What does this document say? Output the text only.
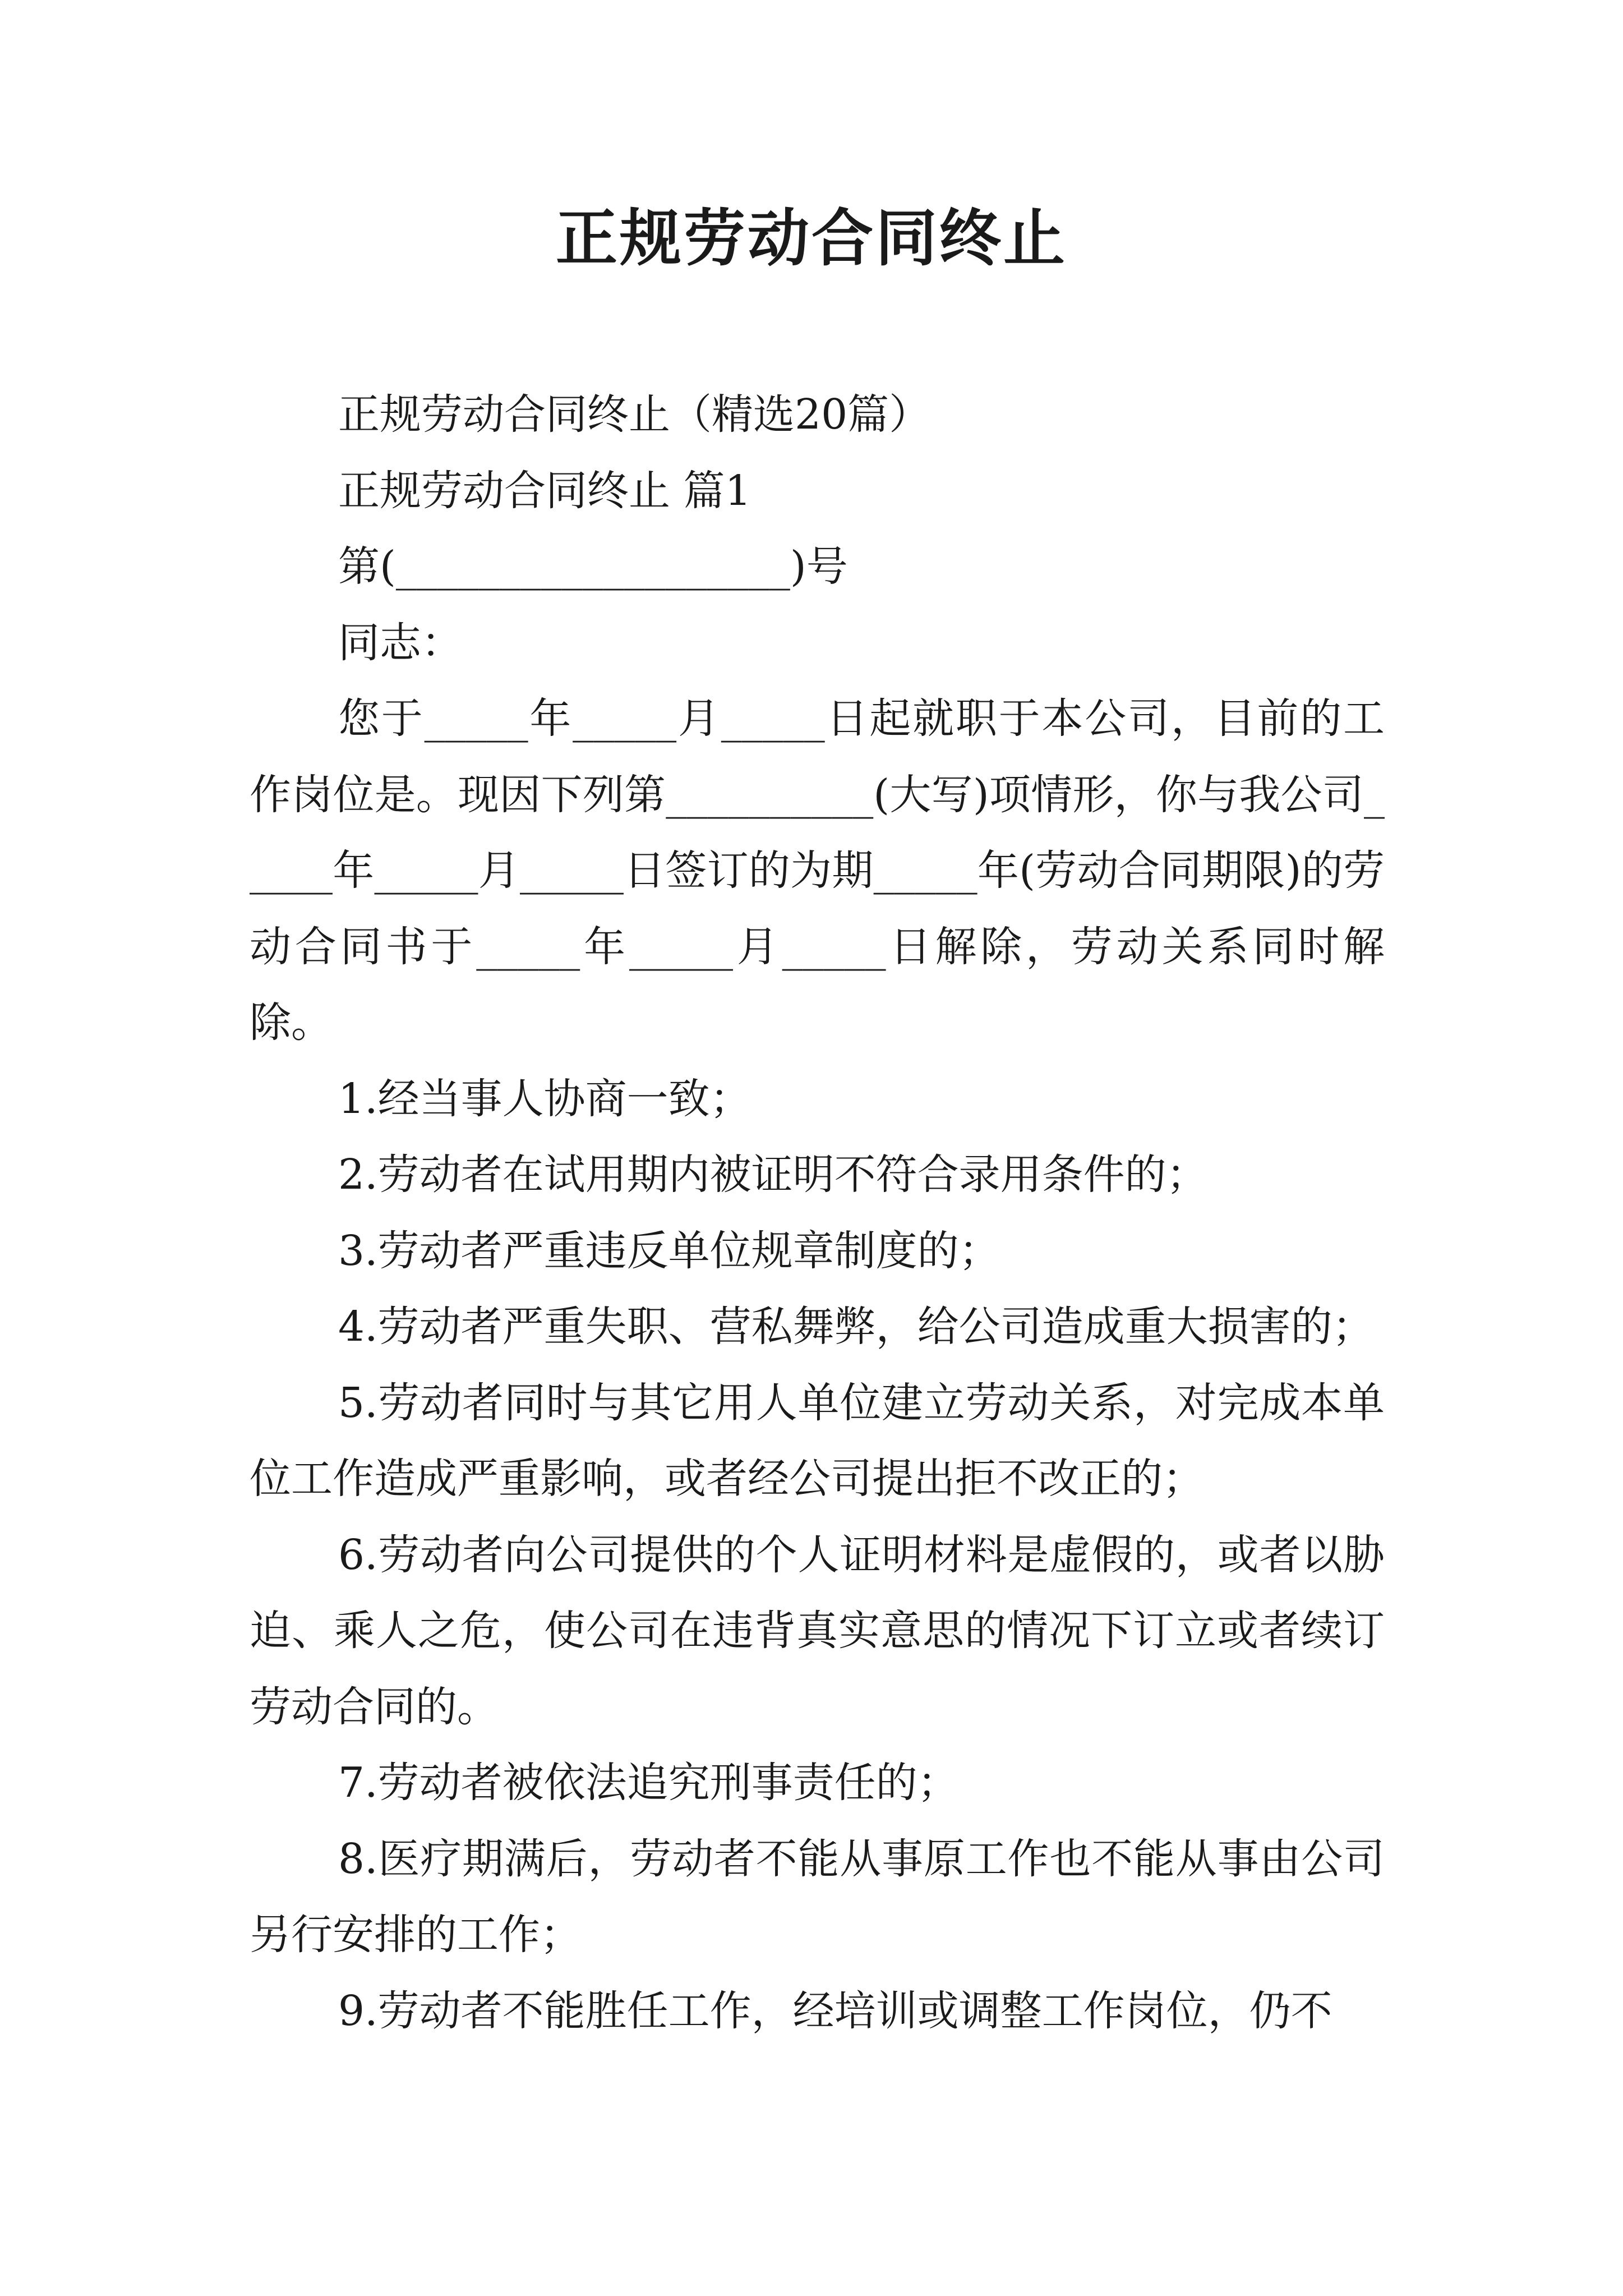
正规劳动合同终止

正规劳动合同终止（精选20篇）

正规劳动合同终止 篇1

第(___________________)号

同志：

您于_____年_____月_____日起就职于本公司，目前的工作岗位是。现因下列第__________(大写)项情形，你与我公司_____年_____月_____日签订的为期_____年(劳动合同期限)的劳动合同书于_____年_____月_____日解除，劳动关系同时解除。

1.经当事人协商一致；

2.劳动者在试用期内被证明不符合录用条件的；

3.劳动者严重违反单位规章制度的；

4.劳动者严重失职、营私舞弊，给公司造成重大损害的；

5.劳动者同时与其它用人单位建立劳动关系，对完成本单位工作造成严重影响，或者经公司提出拒不改正的；

6.劳动者向公司提供的个人证明材料是虚假的，或者以胁迫、乘人之危，使公司在违背真实意思的情况下订立或者续订劳动合同的。

7.劳动者被依法追究刑事责任的；

8.医疗期满后，劳动者不能从事原工作也不能从事由公司另行安排的工作；

9.劳动者不能胜任工作，经培训或调整工作岗位，仍不
